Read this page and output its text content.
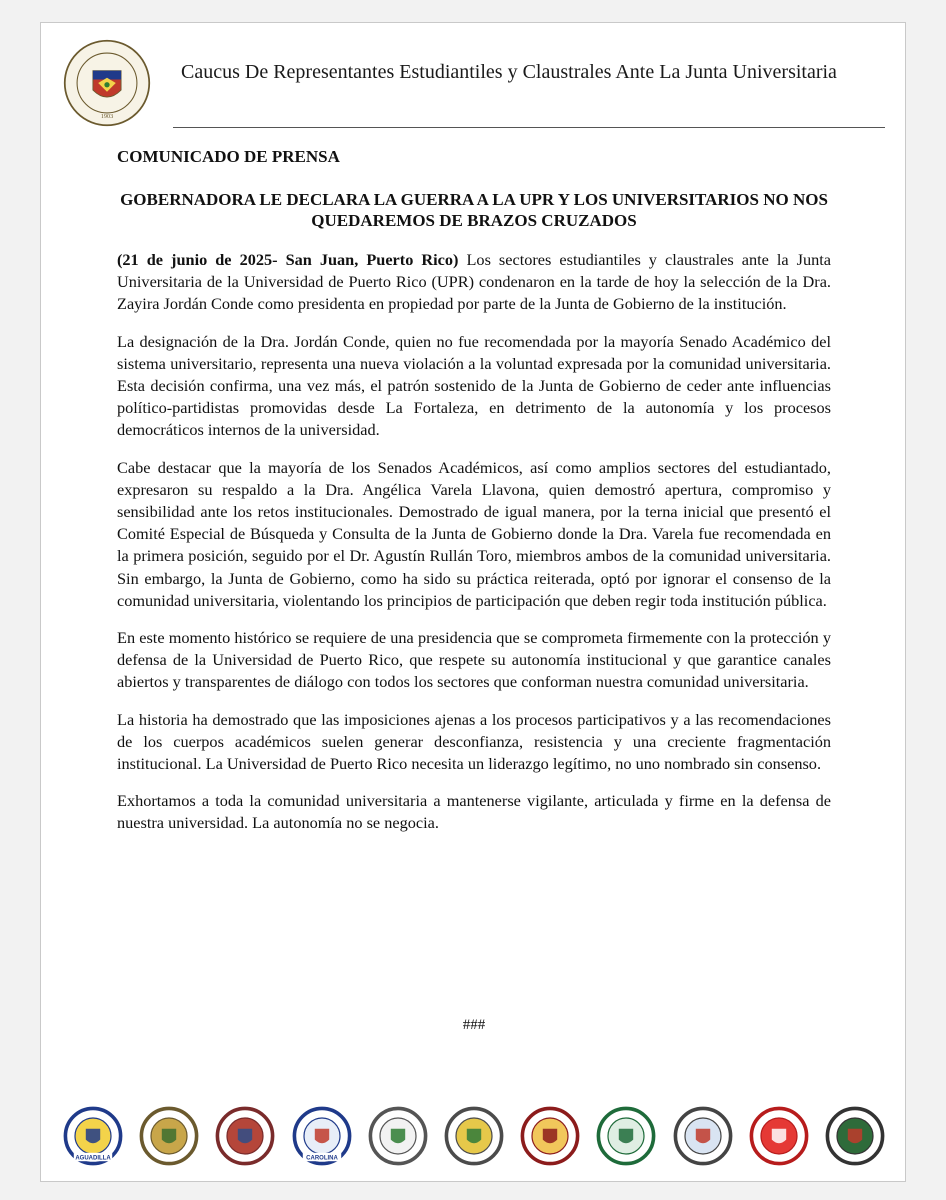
1903
Caucus De Representantes Estudiantiles y Claustrales Ante La Junta Universitaria
COMUNICADO DE PRENSA
GOBERNADORA LE DECLARA LA GUERRA A LA UPR Y LOS UNIVERSITARIOS NO NOS QUEDAREMOS DE BRAZOS CRUZADOS

(21 de junio de 2025- San Juan, Puerto Rico) Los sectores estudiantiles y claustrales ante la Junta Universitaria de la Universidad de Puerto Rico (UPR) condenaron en la tarde de hoy la selección de la Dra. Zayira Jordán Conde como presidenta en propiedad por parte de la Junta de Gobierno de la institución.

La designación de la Dra. Jordán Conde, quien no fue recomendada por la mayoría Senado Académico del sistema universitario, representa una nueva violación a la voluntad expresada por la comunidad universitaria. Esta decisión confirma, una vez más, el patrón sostenido de la Junta de Gobierno de ceder ante influencias político-partidistas promovidas desde La Fortaleza, en detrimento de la autonomía y los procesos democráticos internos de la universidad.

Cabe destacar que la mayoría de los Senados Académicos, así como amplios sectores del estudiantado, expresaron su respaldo a la Dra. Angélica Varela Llavona, quien demostró apertura, compromiso y sensibilidad ante los retos institucionales. Demostrado de igual manera, por la terna inicial que presentó el Comité Especial de Búsqueda y Consulta de la Junta de Gobierno donde la Dra. Varela fue recomendada en la primera posición, seguido por el Dr. Agustín Rullán Toro, miembros ambos de la comunidad universitaria. Sin embargo, la Junta de Gobierno, como ha sido su práctica reiterada, optó por ignorar el consenso de la comunidad universitaria, violentando los principios de participación que deben regir toda institución pública.

En este momento histórico se requiere de una presidencia que se comprometa firmemente con la protección y defensa de la Universidad de Puerto Rico, que respete su autonomía institucional y que garantice canales abiertos y transparentes de diálogo con todos los sectores que conforman nuestra comunidad universitaria.

La historia ha demostrado que las imposiciones ajenas a los procesos participativos y a las recomendaciones de los cuerpos académicos suelen generar desconfianza, resistencia y una creciente fragmentación institucional. La Universidad de Puerto Rico necesita un liderazgo legítimo, no uno nombrado sin consenso.

Exhortamos a toda la comunidad universitaria a mantenerse vigilante, articulada y firme en la defensa de nuestra universidad. La autonomía no se negocia.

###
AGUADILLA	CAROLINA
